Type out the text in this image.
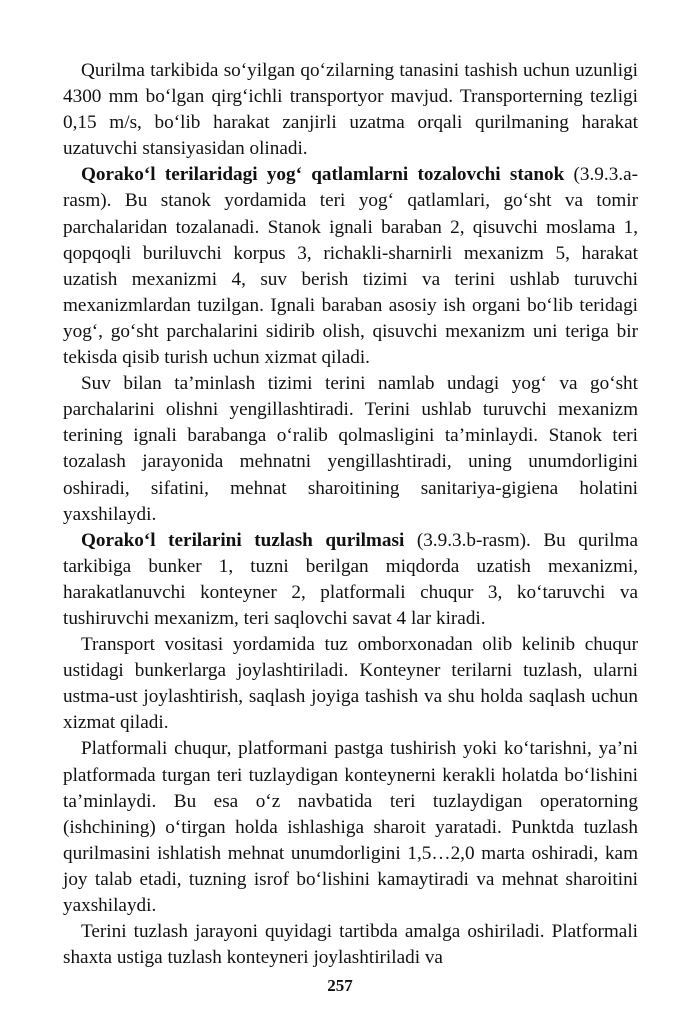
Qurilma tarkibida so‘yilgan qo‘zilarning tanasini tashish uchun uzunligi 4300 mm bo‘lgan qirg‘ichli transportyor mavjud. Transporterning tezligi 0,15 m/s, bo‘lib harakat zanjirli uzatma orqali qurilmaning harakat uzatuvchi stansiyasidan olinadi.

Qorako‘l terilaridagi yog‘ qatlamlarni tozalovchi stanok (3.9.3.a-rasm). Bu stanok yordamida teri yog‘ qatlamlari, go‘sht va tomir parchalaridan tozalanadi. Stanok ignali baraban 2, qisuvchi moslama 1, qopqoqli buriluvchi korpus 3, richakli-sharnirli mexanizm 5, harakat uzatish mexanizmi 4, suv berish tizimi va terini ushlab turuvchi mexanizmlardan tuzilgan. Ignali baraban asosiy ish organi bo‘lib teridagi yog‘, go‘sht parchalarini sidirib olish, qisuvchi mexanizm uni teriga bir tekisda qisib turish uchun xizmat qiladi.

Suv bilan ta’minlash tizimi terini namlab undagi yog‘ va go‘sht parchalarini olishni yengillashtiradi. Terini ushlab turuvchi mexanizm terining ignali barabanga o‘ralib qolmasligini ta’minlaydi. Stanok teri tozalash jarayonida mehnatni yengillashtiradi, uning unumdorligini oshiradi, sifatini, mehnat sharoitining sanitariya-gigiena holatini yaxshilaydi.

Qorako‘l terilarini tuzlash qurilmasi (3.9.3.b-rasm). Bu qurilma tarkibiga bunker 1, tuzni berilgan miqdorda uzatish mexanizmi, harakatlanuvchi konteyner 2, platformali chuqur 3, ko‘taruvchi va tushiruvchi mexanizm, teri saqlovchi savat 4 lar kiradi.

Transport vositasi yordamida tuz omborxonadan olib kelinib chuqur ustidagi bunkerlarga joylashtiriladi. Konteyner terilarni tuzlash, ularni ustma-ust joylashtirish, saqlash joyiga tashish va shu holda saqlash uchun xizmat qiladi.

Platformali chuqur, platformani pastga tushirish yoki ko‘tarishni, ya’ni platformada turgan teri tuzlaydigan konteynerni kerakli holatda bo‘lishini ta’minlaydi. Bu esa o‘z navbatida teri tuzlaydigan operatorning (ishchining) o‘tirgan holda ishlashiga sharoit yaratadi. Punktda tuzlash qurilmasini ishlatish mehnat unumdorligini 1,5…2,0 marta oshiradi, kam joy talab etadi, tuzning isrof bo‘lishini kamaytiradi va mehnat sharoitini yaxshilaydi.

Terini tuzlash jarayoni quyidagi tartibda amalga oshiriladi. Platformali shaxta ustiga tuzlash konteyneri joylashtiriladi va

257
